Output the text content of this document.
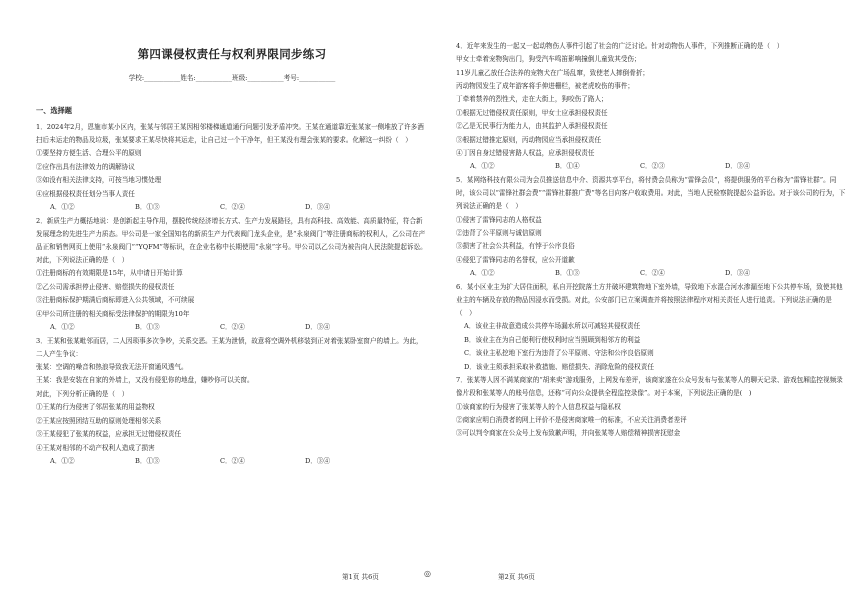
第四课侵权责任与权利界限同步练习
学校:___________姓名:___________班级:___________考号:___________
一、选择题

1．2024年2月，恩施市某小区内，张某与邻居王某因相邻楼梯通道通行问题引发矛盾冲突。王某在通道靠近张某家一侧堆放了许多酒扫后未运走的物品及垃圾，张某要求王某尽快将其运走，让自己过一个干净年，但王某没有理会张某的要求。化解这一纠纷（　）

①要坚持方便生活、合理公平的原则
②应作出具有法律效力的调解协议
③如没有相关法律支持，可按当地习惯处理
④应根据侵权责任划分当事人责任
A．①②	B．①③	C．②④	D．③④

2．新质生产力概括地说：是创新起主导作用，摆脱传统经济增长方式、生产力发展路径，具有高科技、高效能、高质量特征，符合新发展理念的先进生产力质态。甲公司是一家全国知名的新质生产力代表阀门龙头企业，是“永泉阀门”等注册商标的权利人，乙公司在产品正和销售网页上使用“永泉阀门”“YQFM”等标识，在企业名称中长期使用“永泉”字号。甲公司以乙公司为被告向人民法院提起诉讼。对此，下列说法正确的是（　）

①注册商标的有效期限是15年，从申请日开始计算
②乙公司需承担停止侵害、赔偿损失的侵权责任
③注册商标保护期满后商标即进入公共领域，不可续展
④甲公司所注册的相关商标受法律保护的期限为10年
A．①②	B．①③	C．②④	D．③④

3．王某和张某毗邻而居，二人因琐事多次争吵，关系交恶。王某为泄愤，故意将空调外机移装到正对着张某卧室窗户的墙上。为此，二人产生争议：

张某：空调的噪音和热浪导致我无法开窗通风透气。
王某：我是安装在自家的外墙上，又没有侵犯你的地盘，嫌吵你可以关窗。
对此，下列分析正确的是（　）
①王某的行为侵害了邻居张某的用益物权
②王某应按照团结互助的原则处理相邻关系
③王某侵犯了张某的权益，应承担无过错侵权责任
④王某对相邻的不动产权利人造成了损害
A．①②	B．①③	C．②④	D．③④

4．近年来发生的一起又一起动物伤人事件引起了社会的广泛讨论。针对动物伤人事件，下列推断正确的是（　）

甲女士牵着宠物狗出门，狗受汽车鸣笛影响撞倒儿童致其受伤；
11岁儿童乙放任合法养的宠物犬在广场乱窜，致使老人摔倒骨折；
丙动物园发生了成年游客将手伸进栅栏，被老虎咬伤的事件；
丁牵着禁养的烈性犬，走在大街上，狗咬伤了路人；
①根据无过错侵权责任原则，甲女士应承担侵权责任
②乙是无民事行为能力人，由其监护人承担侵权责任
③根据过错推定原则，丙动物园应当承担侵权责任
④丁因自身过错侵害路人权益，应承担侵权责任
A．①②	B．①④	C．②③	D．③④

5．某网络科技有限公司为会员推送信息中介、资源共享平台，将付费会员称为“雷锋会员”，将提供服务的平台称为“雷锋社群”。同时，该公司以“雷锋社群会费”“雷锋社群推广费”等名目向客户收取费用。对此，当地人民检察院提起公益诉讼。对于该公司的行为，下列说法正确的是（　）

①侵害了雷锋同志的人格权益
②违背了公平原则与诚信原则
③损害了社会公共利益，有悖于公序良俗
④侵犯了雷锋同志的名誉权，应公开道歉
A．①②	B．①③	C．②④	D．③④

6．某小区业主为扩大居住面积，私自开挖院落土方并破坏建筑物地下室外墙，导致地下水混合河水渗漏至地下公共停车场，致使其他业主的车辆及存放的物品因浸水而受损。对此，公安部门已立案调查并将按照法律程序对相关责任人进行追责。下列说法正确的是（　）

A．该业主非故意造成公共停车场漏水所以可减轻其侵权责任
B．该业主在为自己便利行使权利时应当照顾到相邻方的利益
C．该业主私挖地下室行为违背了公平原则、守法和公序良俗原则
D．该业主须承担采取补救措施、赔偿损失、消除危险的侵权责任

7．张某等人因不满某商家的“胡来卖”游戏服务，上网发布差评，该商家遂在公众号发布与张某等人的聊天记录、游戏包厢监控视频录像片段和张某等人的账号信息，还称“可向公众提供全程监控录像”。对于本案，下列说法正确的是(　)

①该商家的行为侵害了张某等人的个人信息权益与隐私权
②商家应明白消费者的网上评价不是侵害商家唯一的标准，不应关注消费者差评
③可以判令商家在公众号上发布致歉声明，并向张某等人赔偿精神损害抚慰金
第1页 共6页	◎	第2页 共6页
